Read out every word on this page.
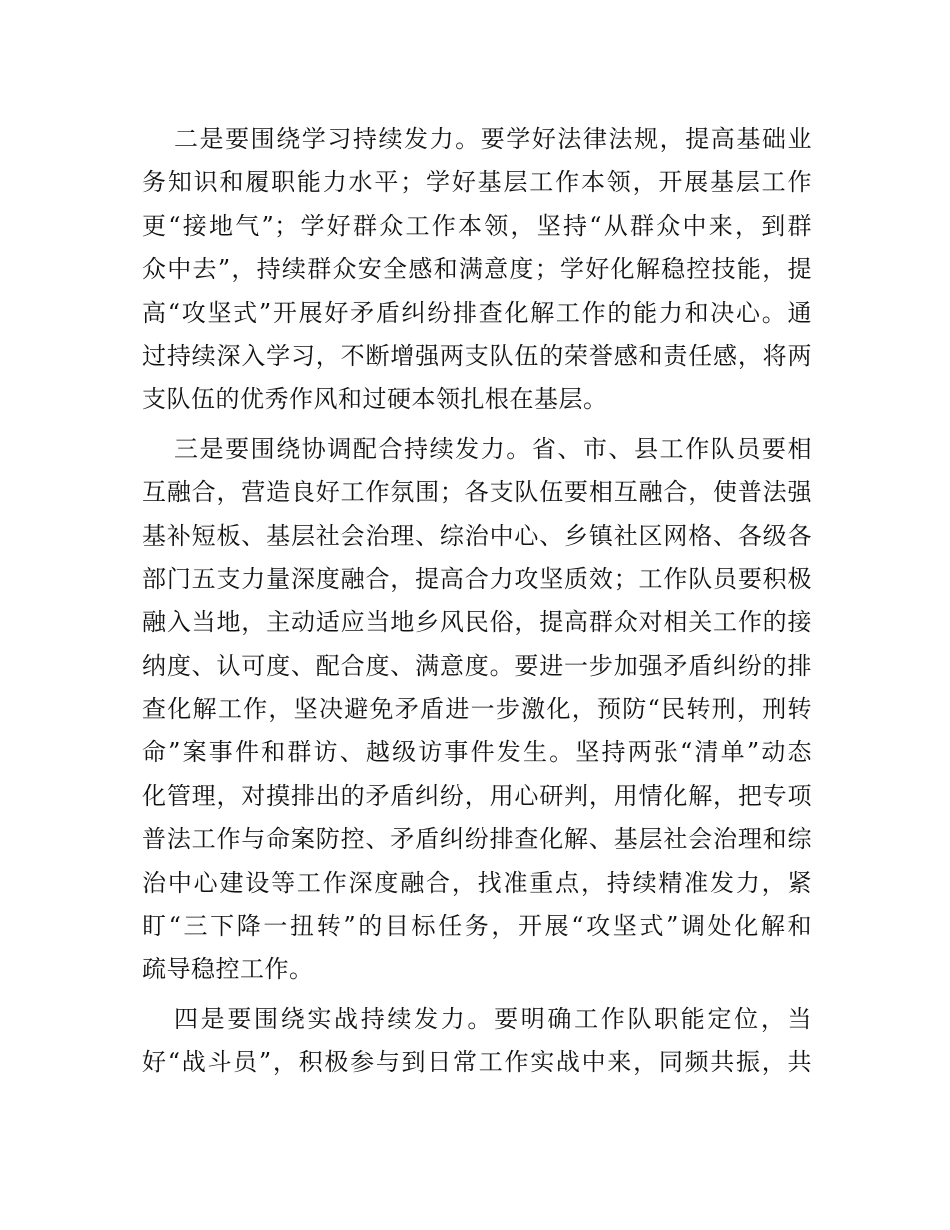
二是要围绕学习持续发力。要学好法律法规，提高基础业
务知识和履职能力水平；学好基层工作本领，开展基层工作
更“接地气”；学好群众工作本领，坚持“从群众中来，到群
众中去”，持续群众安全感和满意度；学好化解稳控技能，提
高“攻坚式”开展好矛盾纠纷排查化解工作的能力和决心。通
过持续深入学习，不断增强两支队伍的荣誉感和责任感，将两
支队伍的优秀作风和过硬本领扎根在基层。
三是要围绕协调配合持续发力。省、市、县工作队员要相
互融合，营造良好工作氛围；各支队伍要相互融合，使普法强
基补短板、基层社会治理、综治中心、乡镇社区网格、各级各
部门五支力量深度融合，提高合力攻坚质效；工作队员要积极
融入当地，主动适应当地乡风民俗，提高群众对相关工作的接
纳度、认可度、配合度、满意度。要进一步加强矛盾纠纷的排
查化解工作，坚决避免矛盾进一步激化，预防“民转刑，刑转
命”案事件和群访、越级访事件发生。坚持两张“清单”动态
化管理，对摸排出的矛盾纠纷，用心研判，用情化解，把专项
普法工作与命案防控、矛盾纠纷排查化解、基层社会治理和综
治中心建设等工作深度融合，找准重点，持续精准发力，紧
盯“三下降一扭转”的目标任务，开展“攻坚式”调处化解和
疏导稳控工作。
四是要围绕实战持续发力。要明确工作队职能定位，当
好“战斗员”，积极参与到日常工作实战中来，同频共振，共
